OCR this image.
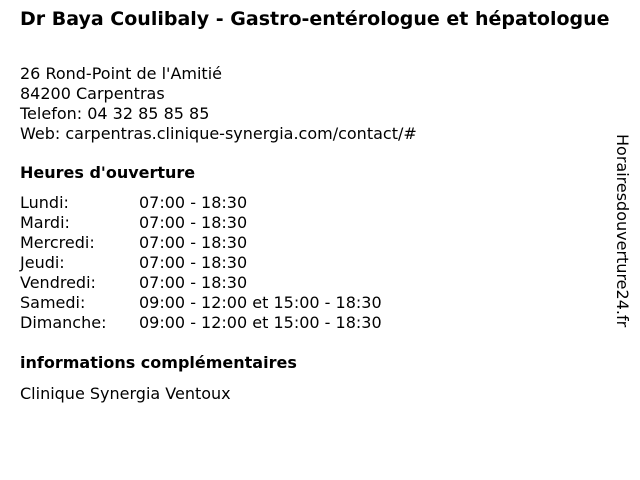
Dr Baya Coulibaly - Gastro-entérologue et hépatologue
26 Rond-Point de l'Amitié
84200 Carpentras
Telefon: 04 32 85 85 85
Web: carpentras.clinique-synergia.com/contact/#
Heures d'ouverture
Lundi:	07:00 - 18:30
Mardi:	07:00 - 18:30
Mercredi:	07:00 - 18:30
Jeudi:	07:00 - 18:30
Vendredi:	07:00 - 18:30
Samedi:	09:00 - 12:00 et 15:00 - 18:30
Dimanche:	09:00 - 12:00 et 15:00 - 18:30
informations complémentaires
Clinique Synergia Ventoux
Horairesdouverture24.fr
